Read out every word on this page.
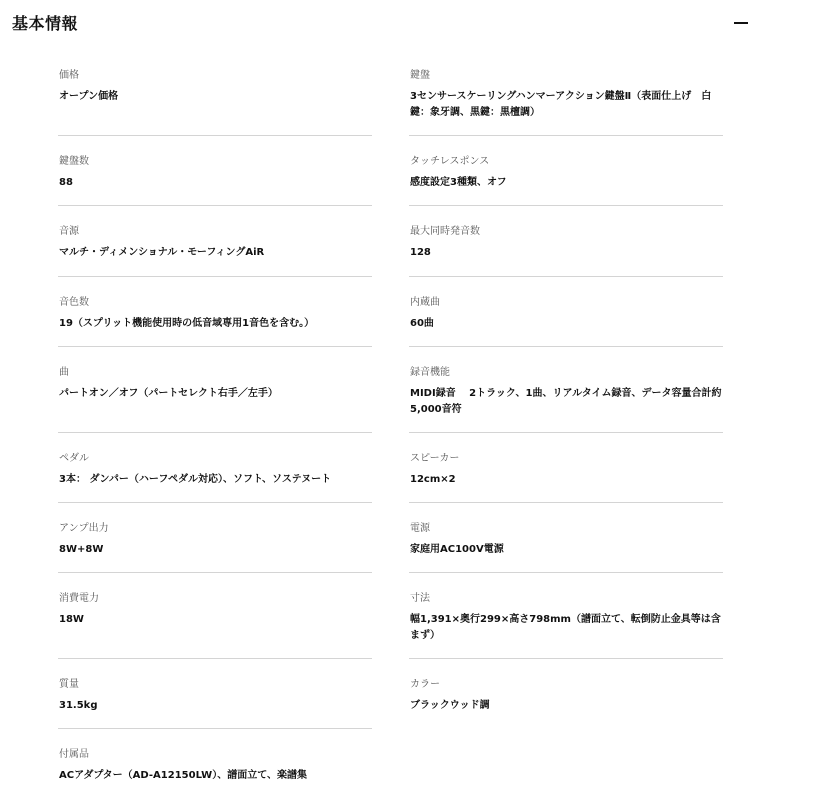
基本情報
価格
オープン価格
鍵盤数
88
音源
マルチ・ディメンショナル・モーフィングAiR
音色数
19（スプリット機能使用時の低音域専用1音色を含む。）
曲
パートオン／オフ（パートセレクト右手／左手）
ペダル
3本： ダンパー（ハーフペダル対応）、ソフト、ソステヌート
アンプ出力
8W+8W
消費電力
18W
質量
31.5kg
付属品
ACアダプター（AD-A12150LW）、譜面立て、楽譜集
鍵盤
3センサースケーリングハンマーアクション鍵盤Ⅱ（表面仕上げ　白鍵：象牙調、黒鍵：黒檀調）
タッチレスポンス
感度設定3種類、オフ
最大同時発音数
128
内蔵曲
60曲
録音機能
MIDI録音　 2トラック、1曲、リアルタイム録音、データ容量合計約5,000音符
スピーカー
12cm×2
電源
家庭用AC100V電源
寸法
幅1,391×奥行299×高さ798mm（譜面立て、転倒防止金具等は含まず）
カラー
ブラックウッド調
